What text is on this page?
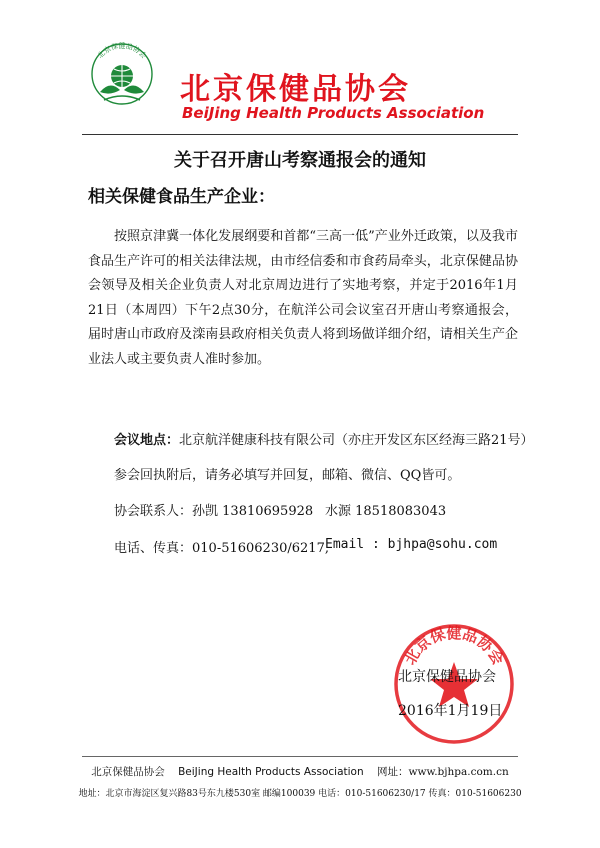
北京保健品协会
北京保健品协会
BeiJing Health Products Association
关于召开唐山考察通报会的通知
相关保健食品生产企业：
按照京津冀一体化发展纲要和首都“三高一低”产业外迁政策，以及我市食品生产许可的相关法律法规，由市经信委和市食药局牵头，北京保健品协会领导及相关企业负责人对北京周边进行了实地考察，并定于2016年1月21日（本周四）下午2点30分，在航洋公司会议室召开唐山考察通报会，届时唐山市政府及滦南县政府相关负责人将到场做详细介绍，请相关生产企业法人或主要负责人准时参加。
会议地点：北京航洋健康科技有限公司（亦庄开发区东区经海三路21号）
参会回执附后，请务必填写并回复，邮箱、微信、QQ皆可。
协会联系人：孙凯 13810695928 水源 18518083043
电话、传真：010-51606230/6217,
Email : bjhpa@sohu.com
北京保健品协会
北京保健品协会
2016年1月19日
北京保健品协会 BeiJing Health Products Association 网址：www.bjhpa.com.cn
地址：北京市海淀区复兴路83号东九楼530室 邮编100039 电话：010-51606230/17 传真：010-51606230
